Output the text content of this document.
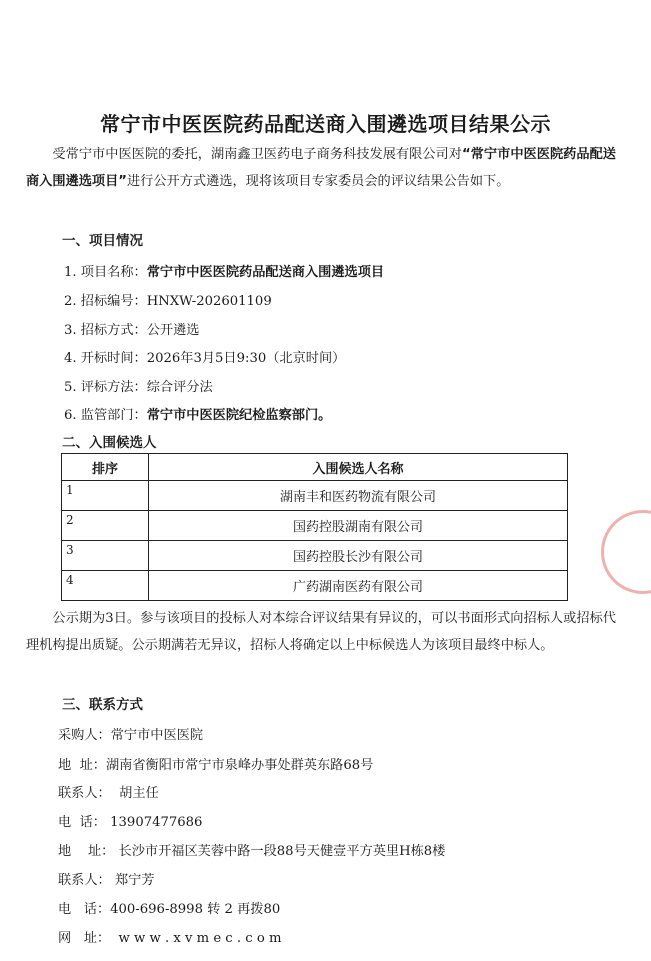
常宁市中医医院药品配送商入围遴选项目结果公示
受常宁市中医医院的委托，湖南鑫卫医药电子商务科技发展有限公司对“常宁市中医医院药品配送商入围遴选项目”进行公开方式遴选，现将该项目专家委员会的评议结果公告如下。
一、项目情况
1. 项目名称：常宁市中医医院药品配送商入围遴选项目
2. 招标编号：HNXW-202601109
3. 招标方式：公开遴选
4. 开标时间：2026年3月5日9:30（北京时间）
5. 评标方法：综合评分法
6. 监管部门：常宁市中医医院纪检监察部门。
二、入围候选人
排序	入围候选人名称
1	湖南丰和医药物流有限公司
2	国药控股湖南有限公司
3	国药控股长沙有限公司
4	广药湖南医药有限公司
公示期为3日。参与该项目的投标人对本综合评议结果有异议的，可以书面形式向招标人或招标代理机构提出质疑。公示期满若无异议，招标人将确定以上中标候选人为该项目最终中标人。
三、联系方式
采购人：常宁市中医医院
地  址：湖南省衡阳市常宁市泉峰办事处群英东路68号
联系人：  胡主任
电  话： 13907477686
地    址： 长沙市开福区芙蓉中路一段88号天健壹平方英里H栋8楼
联系人： 郑宁芳
电   话：400-696-8998 转 2 再拨80
网   址：  w w w . x v m e c . c o m
